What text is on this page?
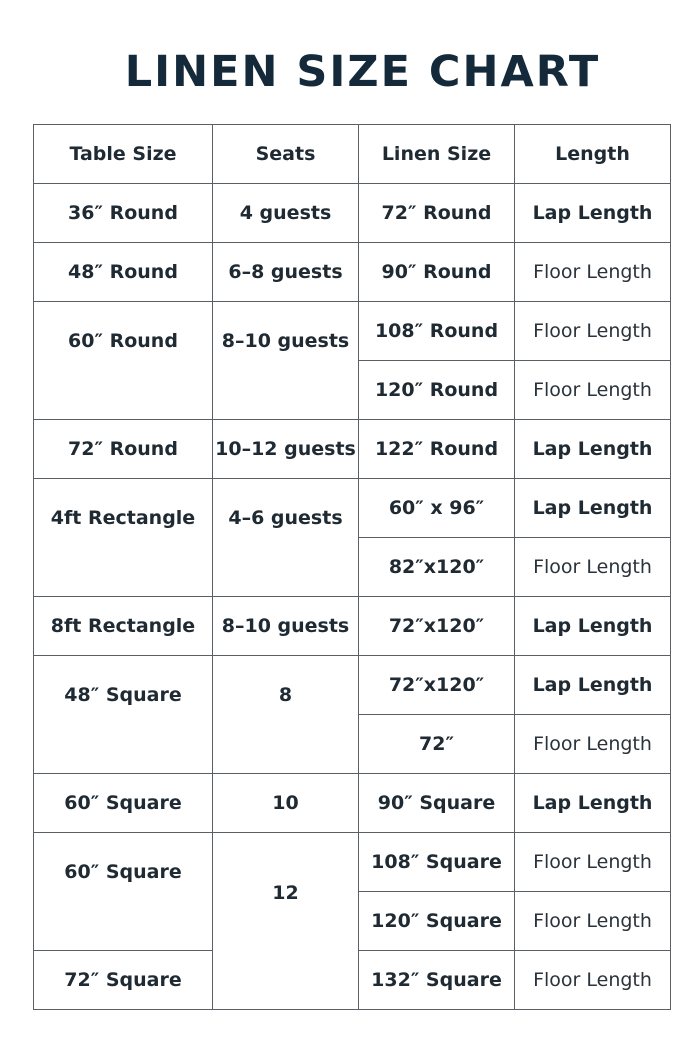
LINEN SIZE CHART
Table Size	Seats	Linen Size	Length
36″ Round	4 guests	72″ Round	Lap Length
48″ Round	6–8 guests	90″ Round	Floor Length
60″ Round	8–10 guests	108″ Round	Floor Length
		120″ Round	Floor Length
72″ Round	10–12 guests	122″ Round	Lap Length
4ft Rectangle	4–6 guests	60″ x 96″	Lap Length
		82″x120″	Floor Length
8ft Rectangle	8–10 guests	72″x120″	Lap Length
48″ Square	8	72″x120″	Lap Length
		72″	Floor Length
60″ Square	10	90″ Square	Lap Length
60″ Square	12	108″ Square	Floor Length
		120″ Square	Floor Length
72″ Square		132″ Square	Floor Length
